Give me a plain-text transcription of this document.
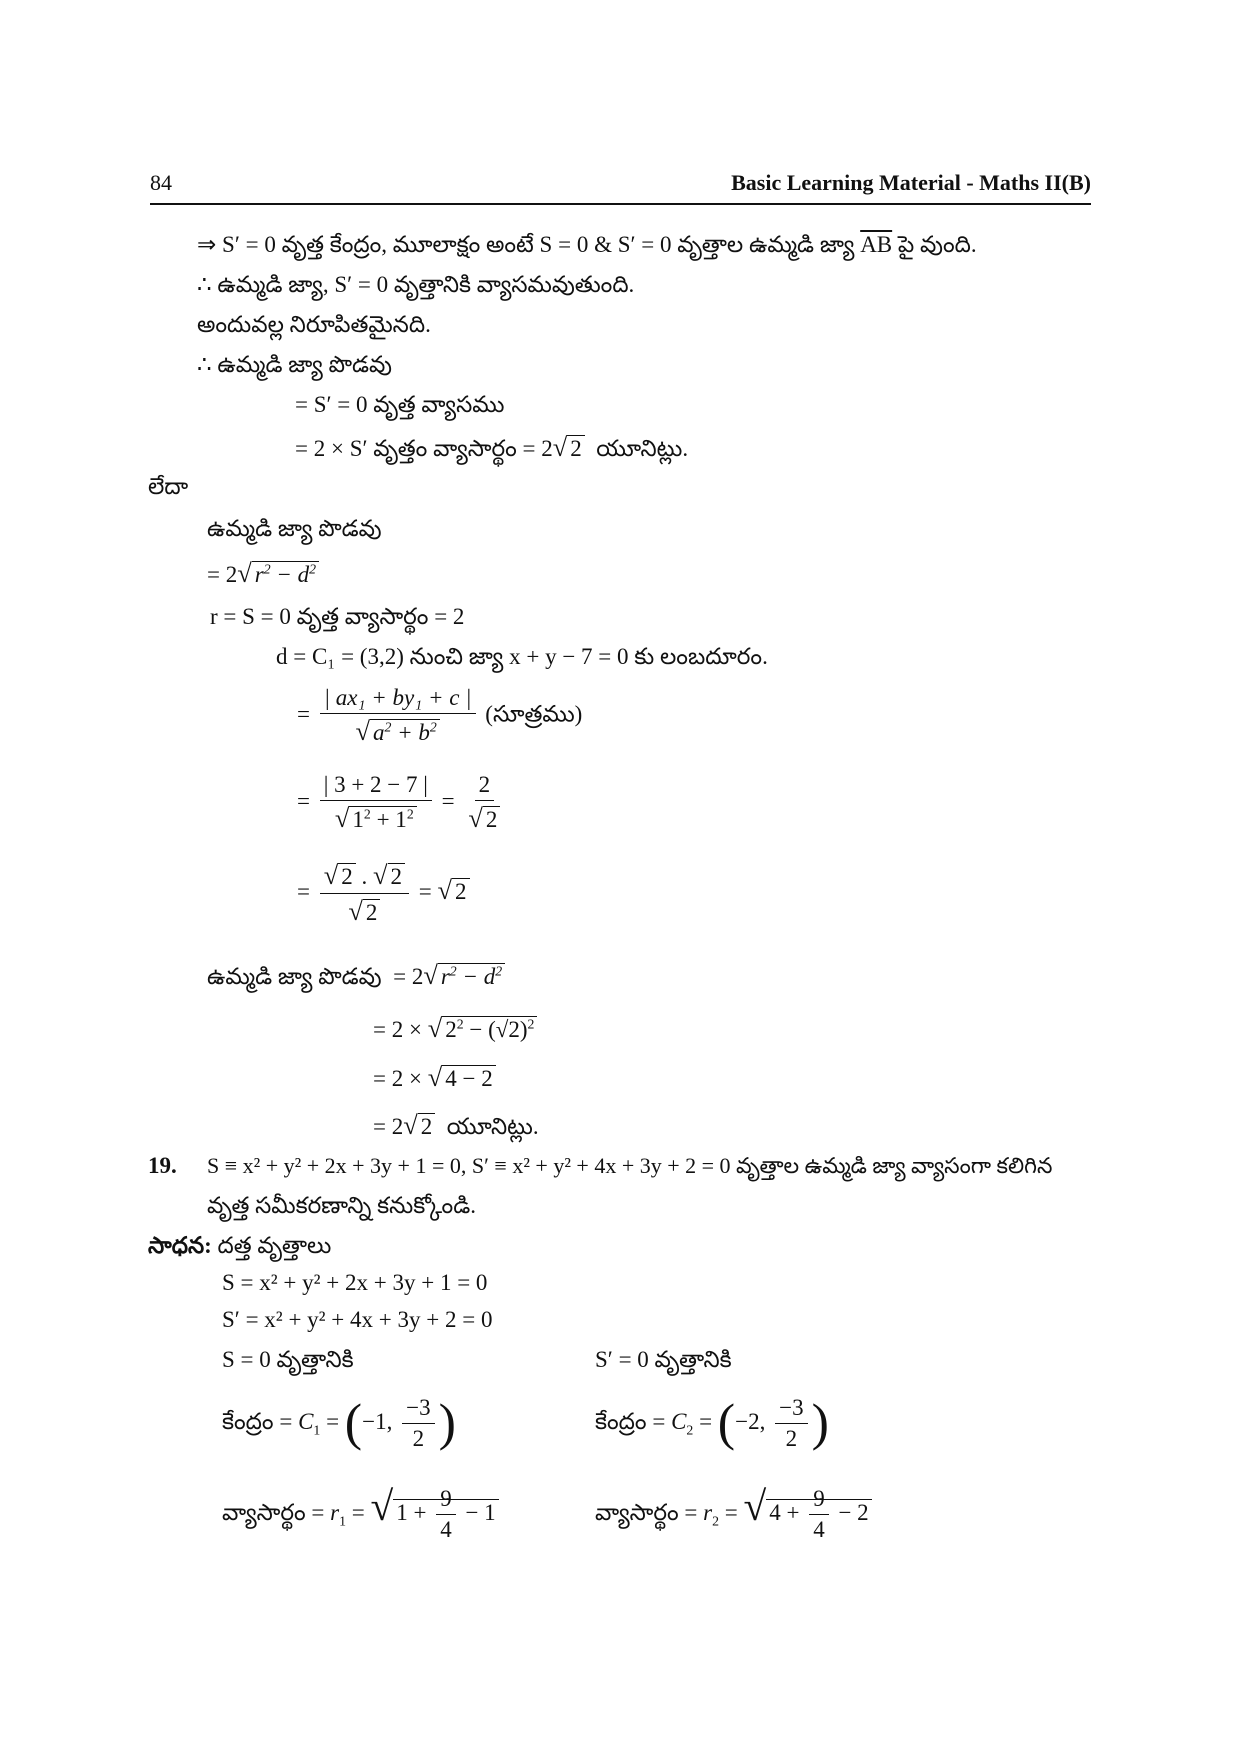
84	Basic Learning Material - Maths II(B)
⇒ S′ = 0 వృత్త కేంద్రం, మూలాక్షం అంటే S = 0 & S′ = 0 వృత్తాల ఉమ్మడి జ్యా $\overline{AB}$ పై వుంది.
∴ ఉమ్మడి జ్యా, S′ = 0 వృత్తానికి వ్యాసమవుతుంది.
అందువల్ల నిరూపితమైనది.
∴ ఉమ్మడి జ్యా పొడవు
= S′ = 0 వృత్త వ్యాసము
= 2 × S′ వృత్తం వ్యాసార్థం = 2√ 2 యూనిట్లు.
లేదా
ఉమ్మడి జ్యా పొడవు
= 2√ $r^2 - d^2$
r = S = 0 వృత్త వ్యాసార్థం = 2
d = C₁ = (3,2) నుంచి జ్యా x + y − 7 = 0 కు లంబదూరం.
= $\frac{\text{| ax₁ + by₁ + c |}}{√ a^2 + b^2}$ (సూత్రము)
= $\frac{| 3 + 2 - 7 |}{√ 1^2 + 1^2} = \frac{2}{√ 2}$
= $\frac{√ 2 . √ 2}{√ 2}$ = √ 2
ఉమ్మడి జ్యా పొడవు  = 2√ $r^2 - d^2$
= 2 × √ $2^2 - (√2)^2$
= 2 × √ 4 − 2
= 2√ 2 యూనిట్లు.
19. S ≡ x² + y² + 2x + 3y + 1 = 0, S′ ≡ x² + y² + 4x + 3y + 2 = 0 వృత్తాల ఉమ్మడి జ్యా వ్యాసంగా కలిగిన
వృత్త సమీకరణాన్ని కనుక్కోండి.
సాధన: దత్త వృత్తాలు
S = x² + y² + 2x + 3y + 1 = 0
S′ = x² + y² + 4x + 3y + 2 = 0
S = 0 వృత్తానికి	S′ = 0 వృత్తానికి
కేంద్రం = $C_1 = (-1$, $\frac{-3}{2}$ )	కేంద్రం = $C_2 = (-2$, $\frac{-3}{2}$ )
వ్యాసార్థం = $r_1$ = √ $1 + \frac{9}{4} - 1$	వ్యాసార్థం = $r_2$ = √ $4 + \frac{9}{4} - 2$
